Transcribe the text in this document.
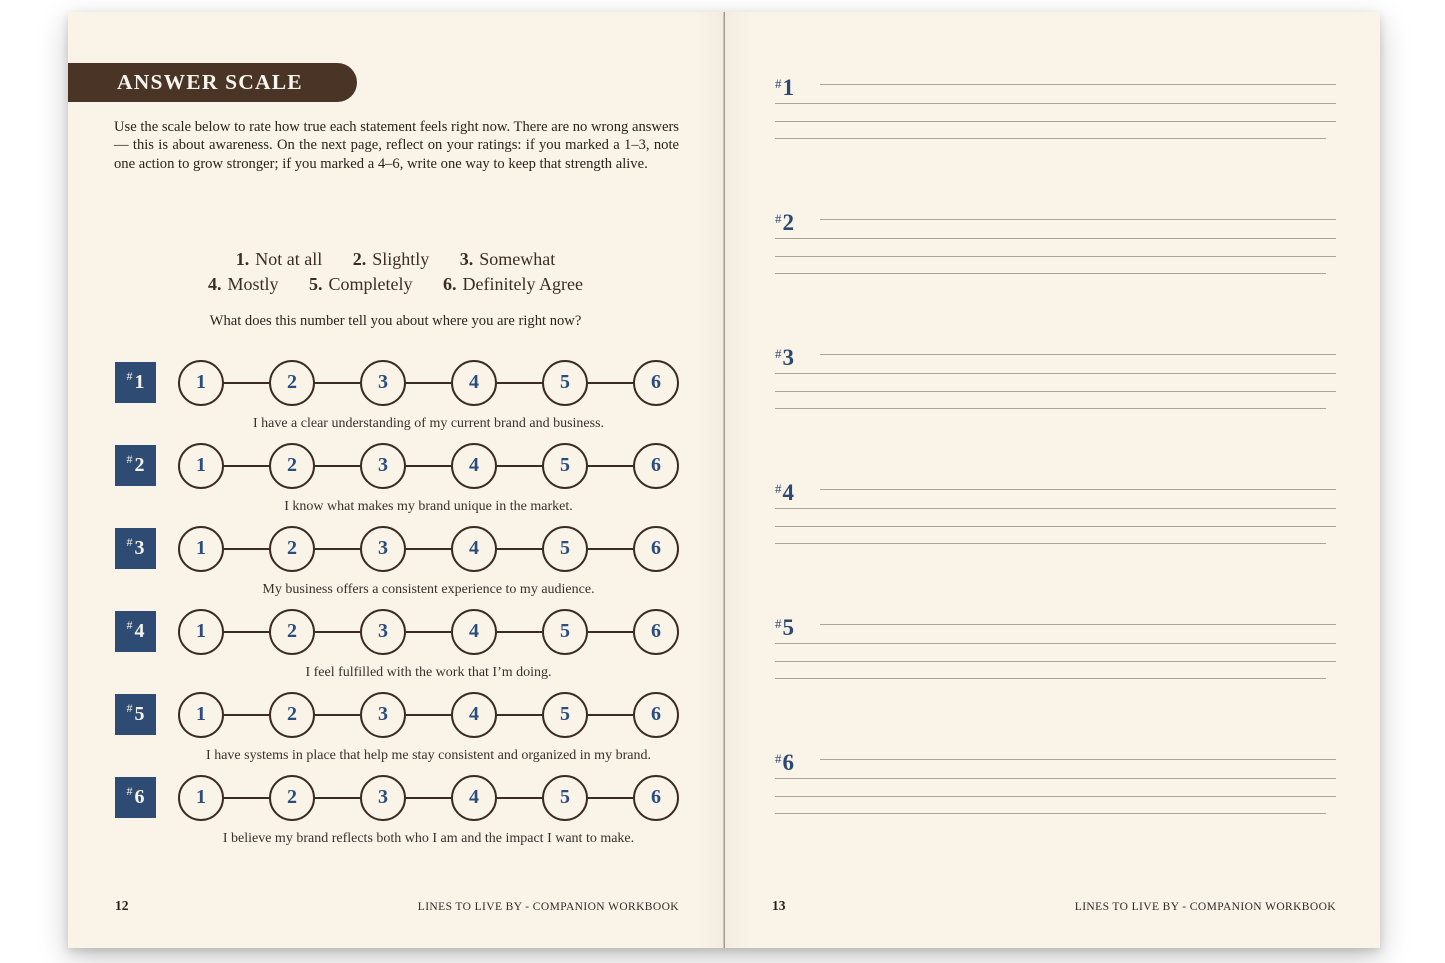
ANSWER SCALE

Use the scale below to rate how true each statement feels right now. There are no wrong answers — this is about awareness. On the next page, reflect on your ratings: if you marked a 1–3, note one action to grow stronger; if you marked a 4–6, write one way to keep that strength alive.

1. Not at all 2. Slightly 3. Somewhat
4. Mostly 5. Completely 6. Definitely Agree

What does this number tell you about where you are right now?

# 1	1	2	3	4	5	6

I have a clear understanding of my current brand and business.

# 2	1	2	3	4	5	6

I know what makes my brand unique in the market.

# 3	1	2	3	4	5	6

My business offers a consistent experience to my audience.

# 4	1	2	3	4	5	6

I feel fulfilled with the work that I’m doing.

# 5	1	2	3	4	5	6

I have systems in place that help me stay consistent and organized in my brand.

# 6	1	2	3	4	5	6

I believe my brand reflects both who I am and the impact I want to make.

12	LINES TO LIVE BY - COMPANION WORKBOOK
#1
#2
#3
#4
#5
#6
13	LINES TO LIVE BY - COMPANION WORKBOOK
